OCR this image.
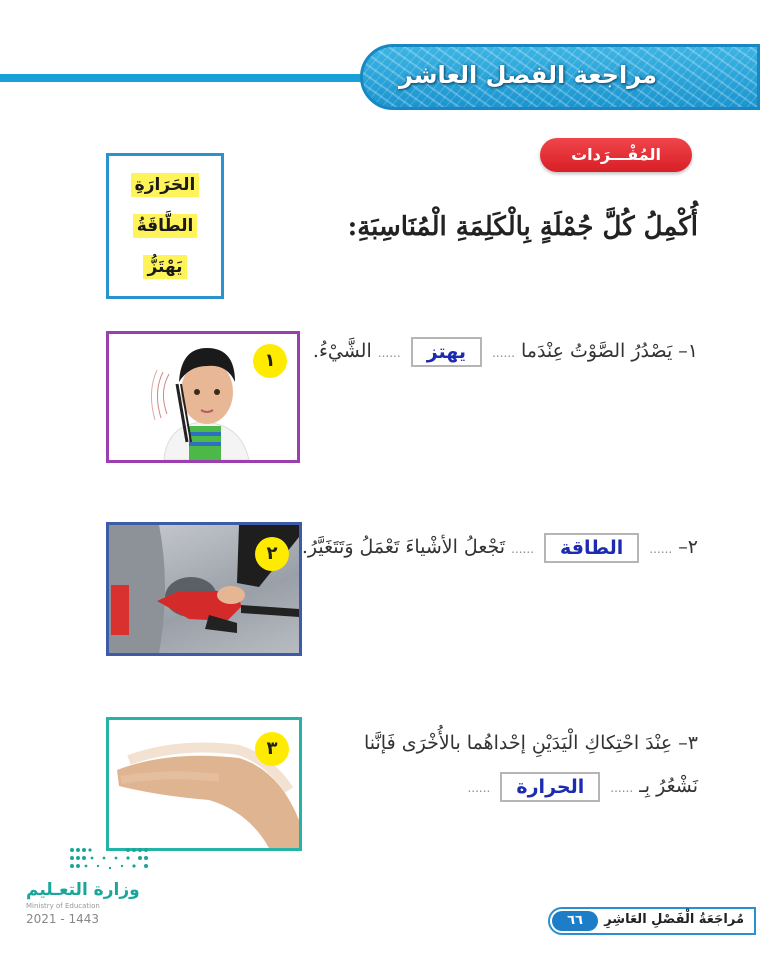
مراجعة الفصل العاشر
المُفْـــرَدات
الحَرَارَةِ
الطَّاقَةُ
يَهْتَزُّ
أُكْمِلُ كُلَّ جُمْلَةٍ بِالْكَلِمَةِ الْمُنَاسِبَةِ:
١– يَصْدُرُ الصَّوْتُ عِنْدَما ...... يهتز ...... الشَّيْءُ.
١
٢– ...... الطاقة ...... تَجْعلُ الأشْياءَ تَعْمَلُ وَتَتَغَيَّرُ.
٢
٣– عِنْدَ احْتِكاكِ الْيَدَيْنِ إحْداهُما بالأُخْرَى فَإنَّنا
نَشْعُرُ بِـ ...... الحرارة ......
٣
وزارة التعـليم
Ministry of Education
2021 - 1443	٦٦	مُراجَعَةُ الْفَصْلِ العَاشِرِ
